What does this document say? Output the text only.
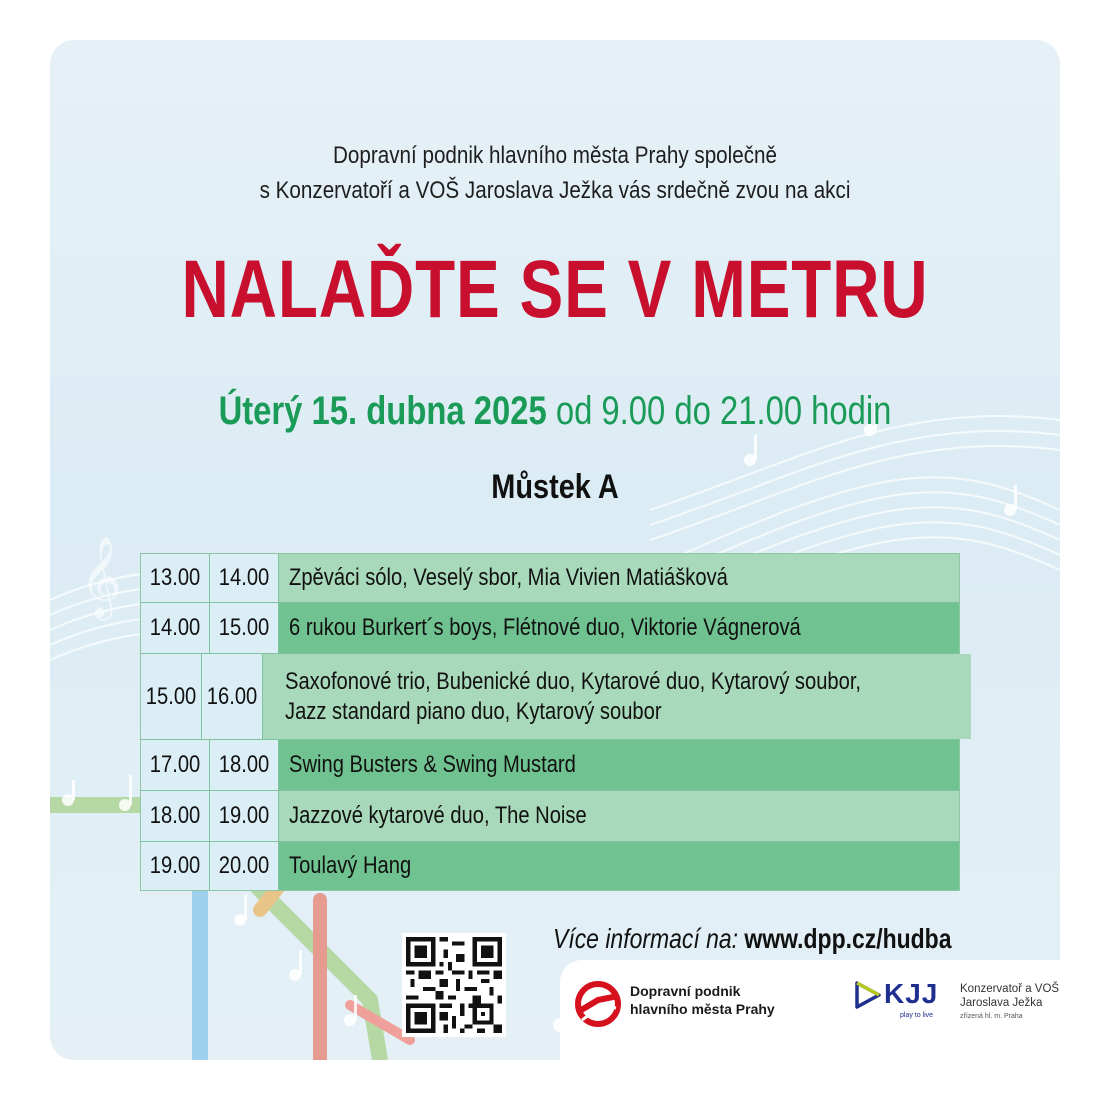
𝄞
Dopravní podnik hlavního města Prahy společně
s Konzervatoří a VOŠ Jaroslava Ježka vás srdečně zvou na akci
NALAĎTE SE V METRU
Úterý 15. dubna 2025 od 9.00 do 21.00 hodin
Můstek A
13.00 14.00 Zpěváci sólo, Veselý sbor, Mia Vivien Matiášková
14.00 15.00 6 rukou Burkert´s boys, Flétnové duo, Viktorie Vágnerová
15.00 16.00
Saxofonové trio, Bubenické duo, Kytarové duo, Kytarový soubor,
Jazz standard piano duo, Kytarový soubor
17.00 18.00 Swing Busters & Swing Mustard
18.00 19.00 Jazzové kytarové duo, The Noise
19.00 20.00 Toulavý Hang
Více informací na: www.dpp.cz/hudba
Dopravní podnik
hlavního města Prahy	KJJ
play to live
Konzervatoř a VOŠ
Jaroslava Ježka
zřízená hl. m. Praha
